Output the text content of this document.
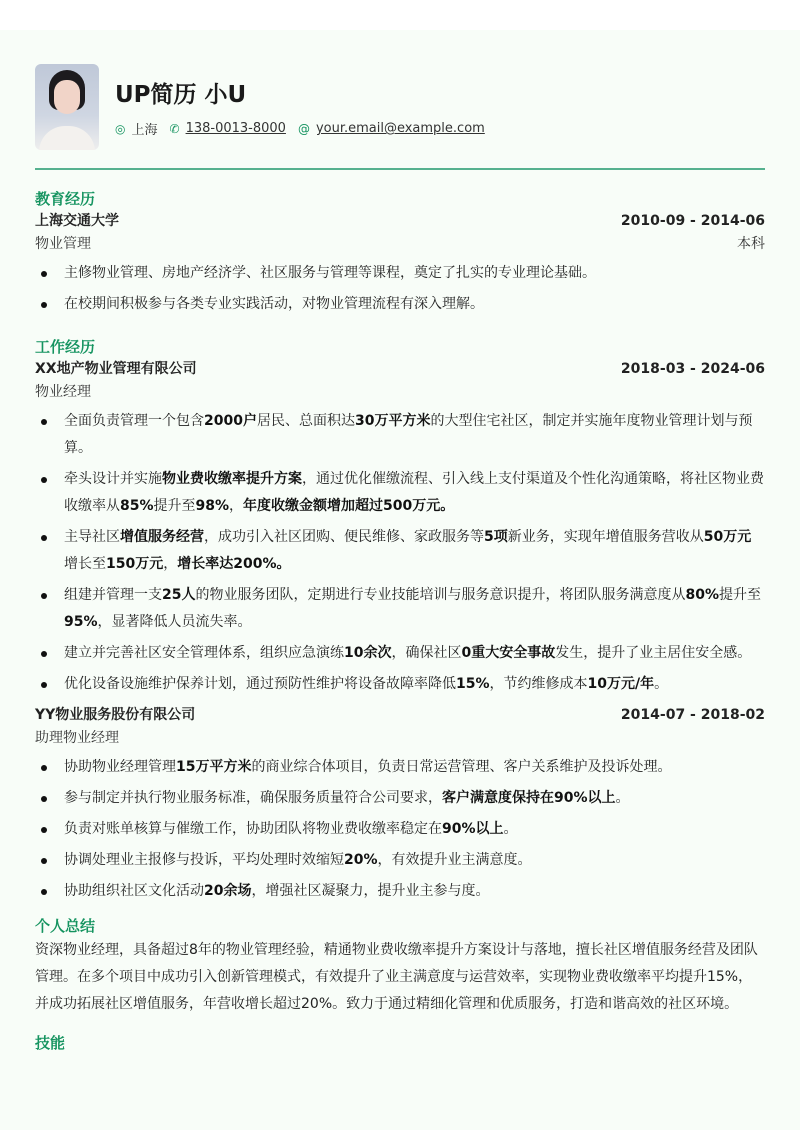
UP简历 小U
◎ 上海 ✆ 138-0013-8000 @ your.email@example.com
教育经历
上海交通大学	2010-09 - 2014-06
物业管理	本科
主修物业管理、房地产经济学、社区服务与管理等课程，奠定了扎实的专业理论基础。
在校期间积极参与各类专业实践活动，对物业管理流程有深入理解。
工作经历
XX地产物业管理有限公司	2018-03 - 2024-06
物业经理
全面负责管理一个包含2000户居民、总面积达30万平方米的大型住宅社区，制定并实施年度物业管理计划与预算。
牵头设计并实施物业费收缴率提升方案，通过优化催缴流程、引入线上支付渠道及个性化沟通策略，将社区物业费收缴率从85%提升至98%，年度收缴金额增加超过500万元。
主导社区增值服务经营，成功引入社区团购、便民维修、家政服务等5项新业务，实现年增值服务营收从50万元增长至150万元，增长率达200%。
组建并管理一支25人的物业服务团队，定期进行专业技能培训与服务意识提升，将团队服务满意度从80%提升至95%，显著降低人员流失率。
建立并完善社区安全管理体系，组织应急演练10余次，确保社区0重大安全事故发生，提升了业主居住安全感。
优化设备设施维护保养计划，通过预防性维护将设备故障率降低15%，节约维修成本10万元/年。
YY物业服务股份有限公司	2014-07 - 2018-02
助理物业经理
协助物业经理管理15万平方米的商业综合体项目，负责日常运营管理、客户关系维护及投诉处理。
参与制定并执行物业服务标准，确保服务质量符合公司要求，客户满意度保持在90%以上。
负责对账单核算与催缴工作，协助团队将物业费收缴率稳定在90%以上。
协调处理业主报修与投诉，平均处理时效缩短20%，有效提升业主满意度。
协助组织社区文化活动20余场，增强社区凝聚力，提升业主参与度。
个人总结
资深物业经理，具备超过8年的物业管理经验，精通物业费收缴率提升方案设计与落地，擅长社区增值服务经营及团队管理。在多个项目中成功引入创新管理模式，有效提升了业主满意度与运营效率，实现物业费收缴率平均提升15%，并成功拓展社区增值服务，年营收增长超过20%。致力于通过精细化管理和优质服务，打造和谐高效的社区环境。
技能
